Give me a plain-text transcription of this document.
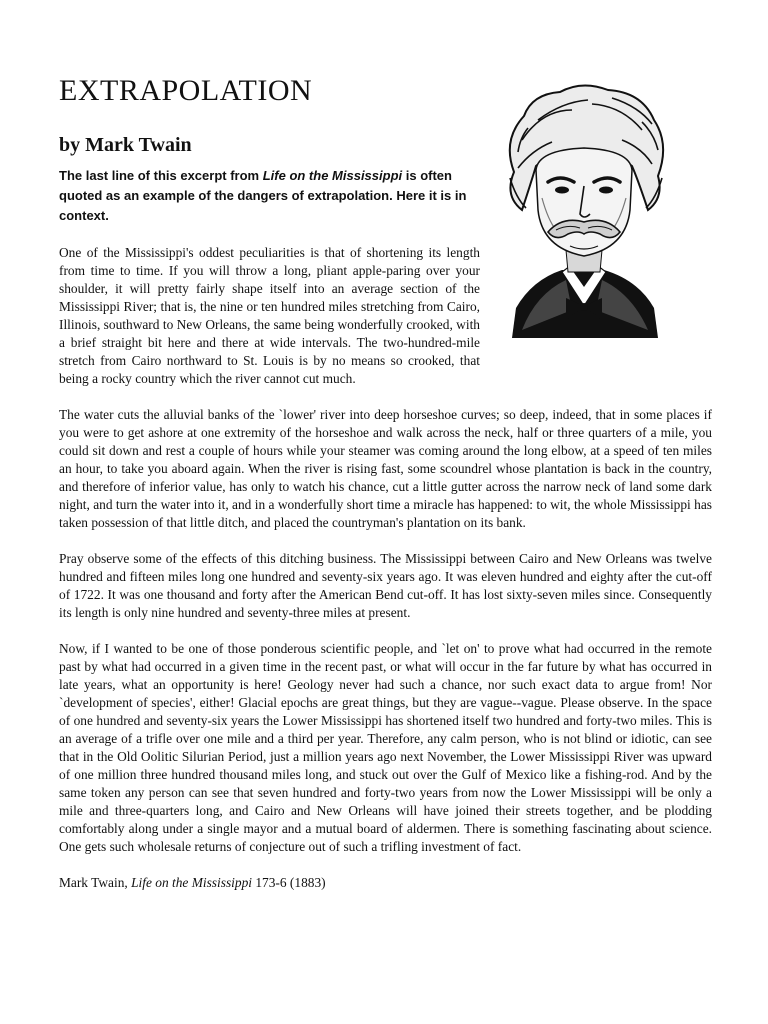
EXTRAPOLATION
by Mark Twain

The last line of this excerpt from Life on the Mississippi is often quoted as an example of the dangers of extrapolation. Here it is in context.

One of the Mississippi's oddest peculiarities is that of shortening its length from time to time. If you will throw a long, pliant apple-paring over your shoulder, it will pretty fairly shape itself into an average section of the Mississippi River; that is, the nine or ten hundred miles stretching from Cairo, Illinois, southward to New Orleans, the same being wonderfully crooked, with a brief straight bit here and there at wide intervals. The two-hundred-mile stretch from Cairo northward to St. Louis is by no means so crooked, that being a rocky country which the river cannot cut much.

The water cuts the alluvial banks of the `lower' river into deep horseshoe curves; so deep, indeed, that in some places if you were to get ashore at one extremity of the horseshoe and walk across the neck, half or three quarters of a mile, you could sit down and rest a couple of hours while your steamer was coming around the long elbow, at a speed of ten miles an hour, to take you aboard again. When the river is rising fast, some scoundrel whose plantation is back in the country, and therefore of inferior value, has only to watch his chance, cut a little gutter across the narrow neck of land some dark night, and turn the water into it, and in a wonderfully short time a miracle has happened: to wit, the whole Mississippi has taken possession of that little ditch, and placed the countryman's plantation on its bank.

Pray observe some of the effects of this ditching business. The Mississippi between Cairo and New Orleans was twelve hundred and fifteen miles long one hundred and seventy-six years ago. It was eleven hundred and eighty after the cut-off of 1722. It was one thousand and forty after the American Bend cut-off. It has lost sixty-seven miles since. Consequently its length is only nine hundred and seventy-three miles at present.

Now, if I wanted to be one of those ponderous scientific people, and `let on' to prove what had occurred in the remote past by what had occurred in a given time in the recent past, or what will occur in the far future by what has occurred in late years, what an opportunity is here! Geology never had such a chance, nor such exact data to argue from! Nor `development of species', either! Glacial epochs are great things, but they are vague--vague. Please observe. In the space of one hundred and seventy-six years the Lower Mississippi has shortened itself two hundred and forty-two miles. This is an average of a trifle over one mile and a third per year. Therefore, any calm person, who is not blind or idiotic, can see that in the Old Oolitic Silurian Period, just a million years ago next November, the Lower Mississippi River was upward of one million three hundred thousand miles long, and stuck out over the Gulf of Mexico like a fishing-rod. And by the same token any person can see that seven hundred and forty-two years from now the Lower Mississippi will be only a mile and three-quarters long, and Cairo and New Orleans will have joined their streets together, and be plodding comfortably along under a single mayor and a mutual board of aldermen. There is something fascinating about science. One gets such wholesale returns of conjecture out of such a trifling investment of fact.

Mark Twain, Life on the Mississippi 173-6 (1883)
